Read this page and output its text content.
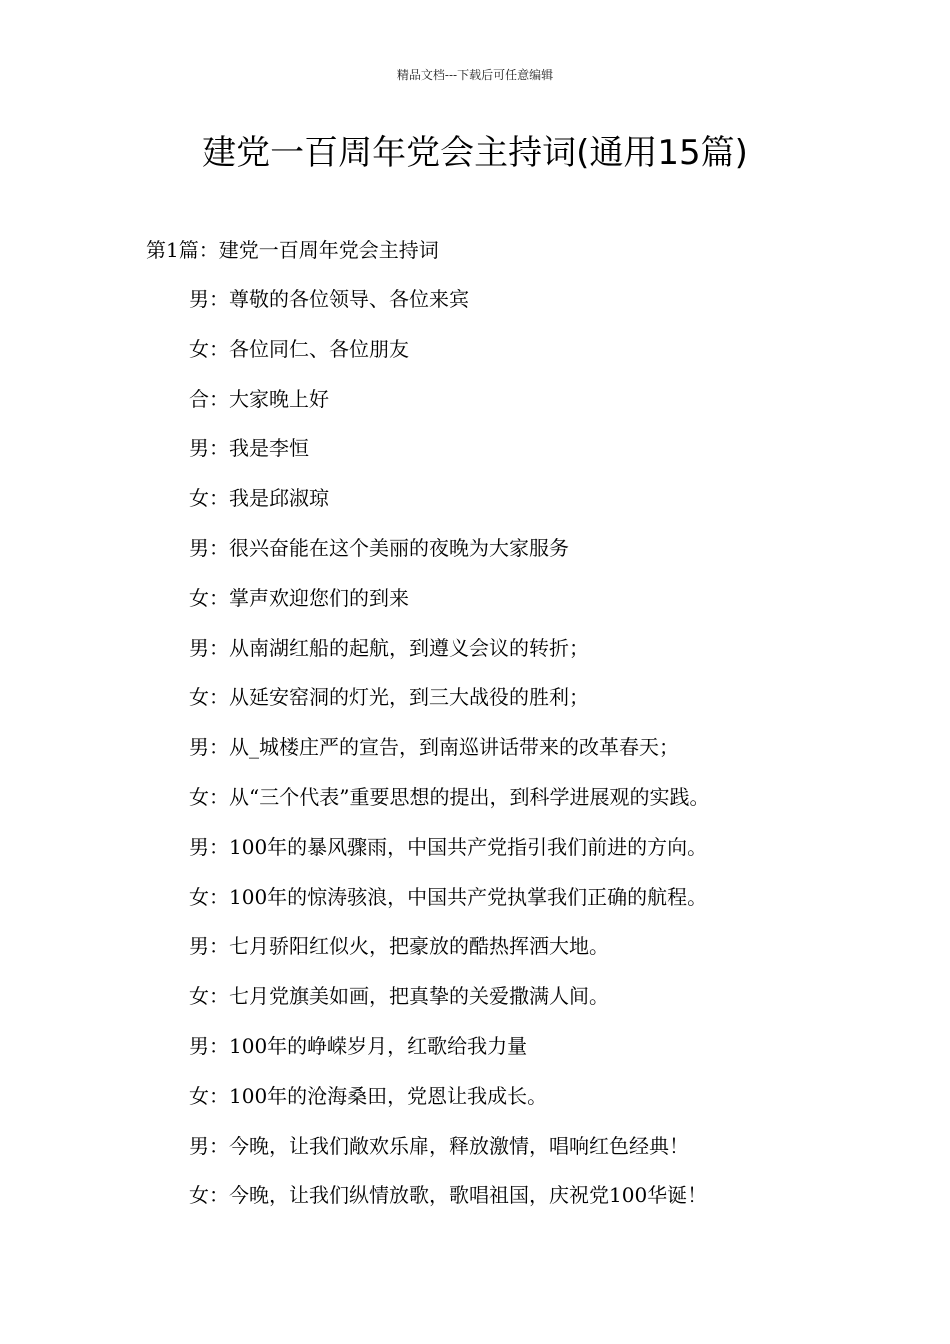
精品文档---下载后可任意编辑
建党一百周年党会主持词(通用15篇)
第1篇：建党一百周年党会主持词
男：尊敬的各位领导、各位来宾
女：各位同仁、各位朋友
合：大家晚上好
男：我是李恒
女：我是邱淑琼
男：很兴奋能在这个美丽的夜晚为大家服务
女：掌声欢迎您们的到来
男：从南湖红船的起航，到遵义会议的转折；
女：从延安窑洞的灯光，到三大战役的胜利；
男：从_城楼庄严的宣告，到南巡讲话带来的改革春天；
女：从“三个代表”重要思想的提出，到科学进展观的实践。
男：100年的暴风骤雨，中国共产党指引我们前进的方向。
女：100年的惊涛骇浪，中国共产党执掌我们正确的航程。
男：七月骄阳红似火，把豪放的酷热挥洒大地。
女：七月党旗美如画，把真挚的关爱撒满人间。
男：100年的峥嵘岁月，红歌给我力量
女：100年的沧海桑田，党恩让我成长。
男：今晚，让我们敞欢乐扉，释放激情，唱响红色经典！
女：今晚，让我们纵情放歌，歌唱祖国，庆祝党100华诞！
